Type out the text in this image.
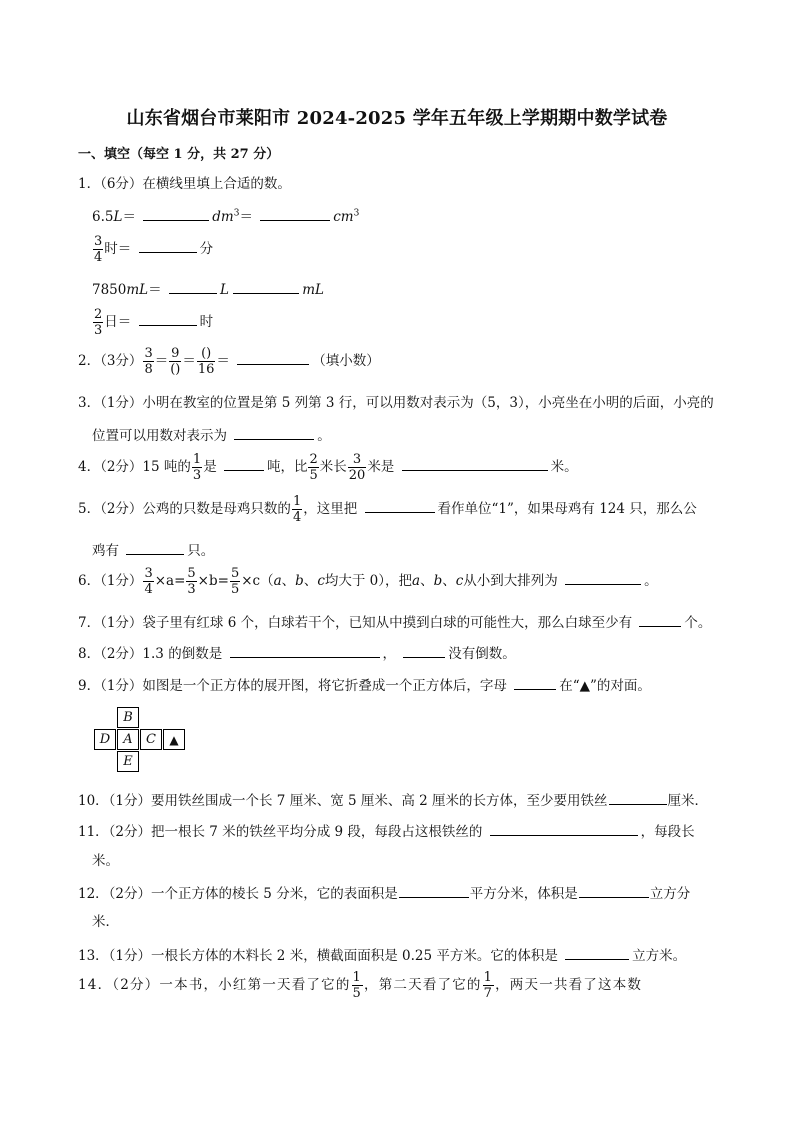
山东省烟台市莱阳市 2024-2025 学年五年级上学期期中数学试卷
一、填空（每空 1 分，共 27 分）
1．（6分）在横线里填上合适的数。
6.5L＝	$dm^3=$	$cm^3$
$\frac{3}{4}$ 时＝	分
7850mL＝	L	mL
$\frac{2}{3}$ 日＝	时
2．（3分） $\frac{3}{8} = \frac{9}{()} = \frac{()}{16}$ ＝	（填小数）
3．（1分）小明在教室的位置是第 5 列第 3 行，可以用数对表示为（5，3），小亮坐在小明的后面，小亮的
位置可以用数对表示为	。
4．（2分）15 吨的 $\frac{1}{3}$ 是	吨，比 $\frac{2}{5}$ 米长 $\frac{3}{20}$ 米是	米。
5．（2分）公鸡的只数是母鸡只数的 $\frac{1}{4}$ ，这里把	看作单位“1”，如果母鸡有 124 只，那么公
鸡有	只。
6．（1分） $\frac{3}{4} \times a= \frac{5}{3} \times b= \frac{5}{5} \times c(a$、b、c均大于 0），把a、b、c从小到大排列为	。
7．（1分）袋子里有红球 6 个，白球若干个，已知从中摸到白球的可能性大，那么白球至少有	个。
8．（2分）1.3 的倒数是	，	没有倒数。
9．（1分）如图是一个正方体的展开图，将它折叠成一个正方体后，字母	在“▲”的对面。
B
D	A	C	▲
E
10．（1分）要用铁丝围成一个长 7 厘米、宽 5 厘米、高 2 厘米的长方体，至少要用铁丝	厘米．
11．（2分）把一根长 7 米的铁丝平均分成 9 段，每段占这根铁丝的	，每段长
米。
12．（2分）一个正方体的棱长 5 分米，它的表面积是	平方分米，体积是	立方分
米．
13．（1分）一根长方体的木料长 2 米，横截面面积是 0.25 平方米。它的体积是	立方米。
14．（2分）一本书，小红第一天看了它的 $\frac{1}{5}$ ，第二天看了它的 $\frac{1}{7}$ ，两天一共看了这本数
